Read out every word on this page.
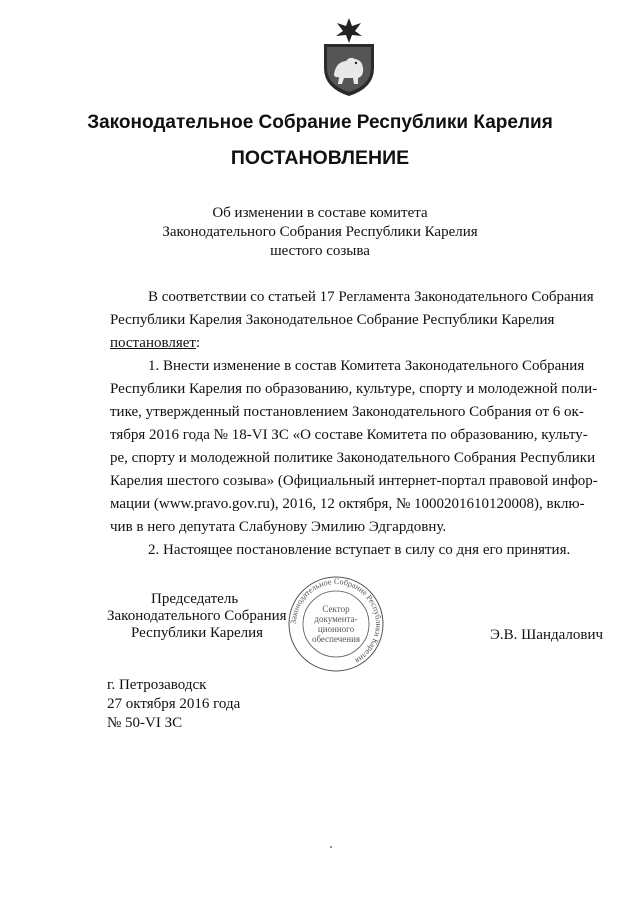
Законодательное Собрание Республики Карелия
ПОСТАНОВЛЕНИЕ
Об изменении в составе комитета
Законодательного Собрания Республики Карелия
шестого созыва
В соответствии со статьей 17 Регламента Законодательного Собрания
Республики Карелия Законодательное Собрание Республики Карелия
постановляет:
1. Внести изменение в состав Комитета Законодательного Собрания
Республики Карелия по образованию, культуре, спорту и молодежной поли-
тике, утвержденный постановлением Законодательного Собрания от 6 ок-
тября 2016 года № 18-VI ЗС «О составе Комитета по образованию, культу-
ре, спорту и молодежной политике Законодательного Собрания Республики
Карелия шестого созыва» (Официальный интернет-портал правовой инфор-
мации (www.pravo.gov.ru), 2016, 12 октября, № 1000201610120008), вклю-
чив в него депутата Слабунову Эмилию Эдгардовну.
2. Настоящее постановление вступает в силу со дня его принятия.
Председатель
Законодательного Собрания
Республики Карелия	Э.В. Шандалович
Законодательное Собрание Республики Карелия
Сектор
документа-
ционного
обеспечения
г. Петрозаводск
27 октября 2016 года
№ 50-VI ЗС
